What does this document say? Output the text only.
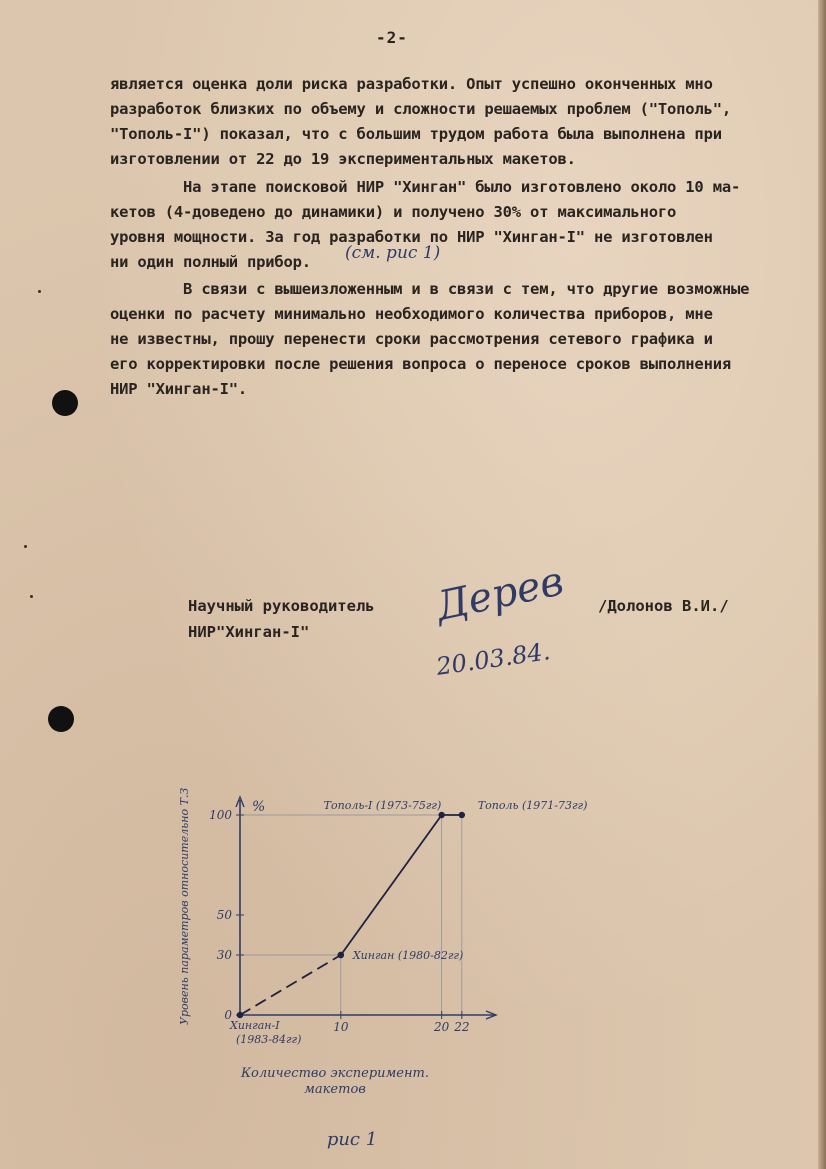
-2-
является оценка доли риска разработки. Опыт успешно оконченных мно
разработок близких по объему и сложности решаемых проблем ("Тополь",
"Тополь-I") показал, что с большим трудом работа была выполнена при
изготовлении от 22 до 19 экспериментальных макетов.
На этапе поисковой НИР "Хинган" было изготовлено около 10 ма-
кетов (4-доведено до динамики) и получено 30% от максимального
уровня мощности. За год разработки по НИР "Хинган-I" не изготовлен
ни один полный прибор.
В связи с вышеизложенным и в связи с тем, что другие возможные
оценки по расчету минимально необходимого количества приборов, мне
не известны, прошу перенести сроки рассмотрения сетевого графика и
его корректировки после решения вопроса о переносе сроков выполнения
НИР "Хинган-I".
(см. рис 1)
Научный руководитель
НИР"Хинган-I"
/Долонов В.И./
Дерев
20.03.84.
0
30
50
100
10	20 22
%
Уровень параметров относительно Т.З
Количество эксперимент.
макетов
Хинган-I
(1983-84гг)
Хинган (1980-82гг)
Тополь-I (1973-75гг)	Тополь (1971-73гг)
рис 1
